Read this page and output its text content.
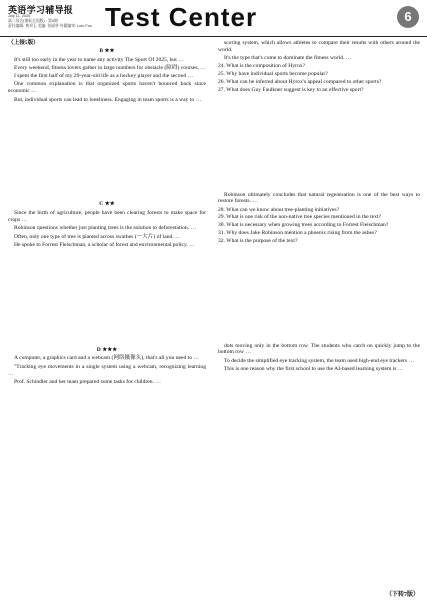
英语学习辅导报
July 11, 2025
高二综合(课标全国版) · 第4期
责任编辑: 黄翠玉 美编: 张丽华 外籍编审: Lulu Fox Test Center	6
（上接5版）
B ★★

It's still too early in the year to name any activity The Sport Of 2025, but …

Every weekend, fitness lovers gather in large numbers for obstacle (障碍) courses, …

I spent the first half of my 29-year-old life as a hockey player and the second …

One common explanation is that organized sports haven't bounced back since economic …

But, individual sports can lead to loneliness. Engaging in team sports is a way to …

C ★★

Since the birth of agriculture, people have been clearing forests to make space for crops …

Robinson questions whether just planting trees is the solution to deforestation. …

Often, only one type of tree is planted across swathes (一大片) of land. …

He spoke to Forrest Fleischman, a scholar of forest and environmental policy. …

D ★★★

A computer, a graphics card and a webcam (网络摄像头), that's all you need to …

"Tracking eye movements in a single system using a webcam, recognizing learning …

Prof. Schindler and her team prepared some tasks for children. …

scoring system, which allows athletes to compare their results with others around the world.

It's the type that's come to dominate the fitness world. …

24. What is the composition of Hyrox?
25. Why have individual sports become popular?
26. What can be inferred about Hyrox's appeal compared to other sports?
27. What does Guy Faulkner suggest is key to an effective sport?

Robinson ultimately concludes that natural regeneration is one of the best ways to restore forests. …

28. What can we know about tree-planting initiatives?
29. What is one risk of the non-native tree species mentioned in the text?
30. What is necessary when growing trees according to Forrest Fleischman?
31. Why does Jake Robinson mention a phoenix rising from the ashes?
32. What is the purpose of the text?

dots moving only in the bottom row. The students who catch on quickly jump to the bottom row …

To decide the simplified eye tracking system, the team used high-end eye trackers …

This is one reason why the first school to use the AI-based learning system is …

（下转7版）
